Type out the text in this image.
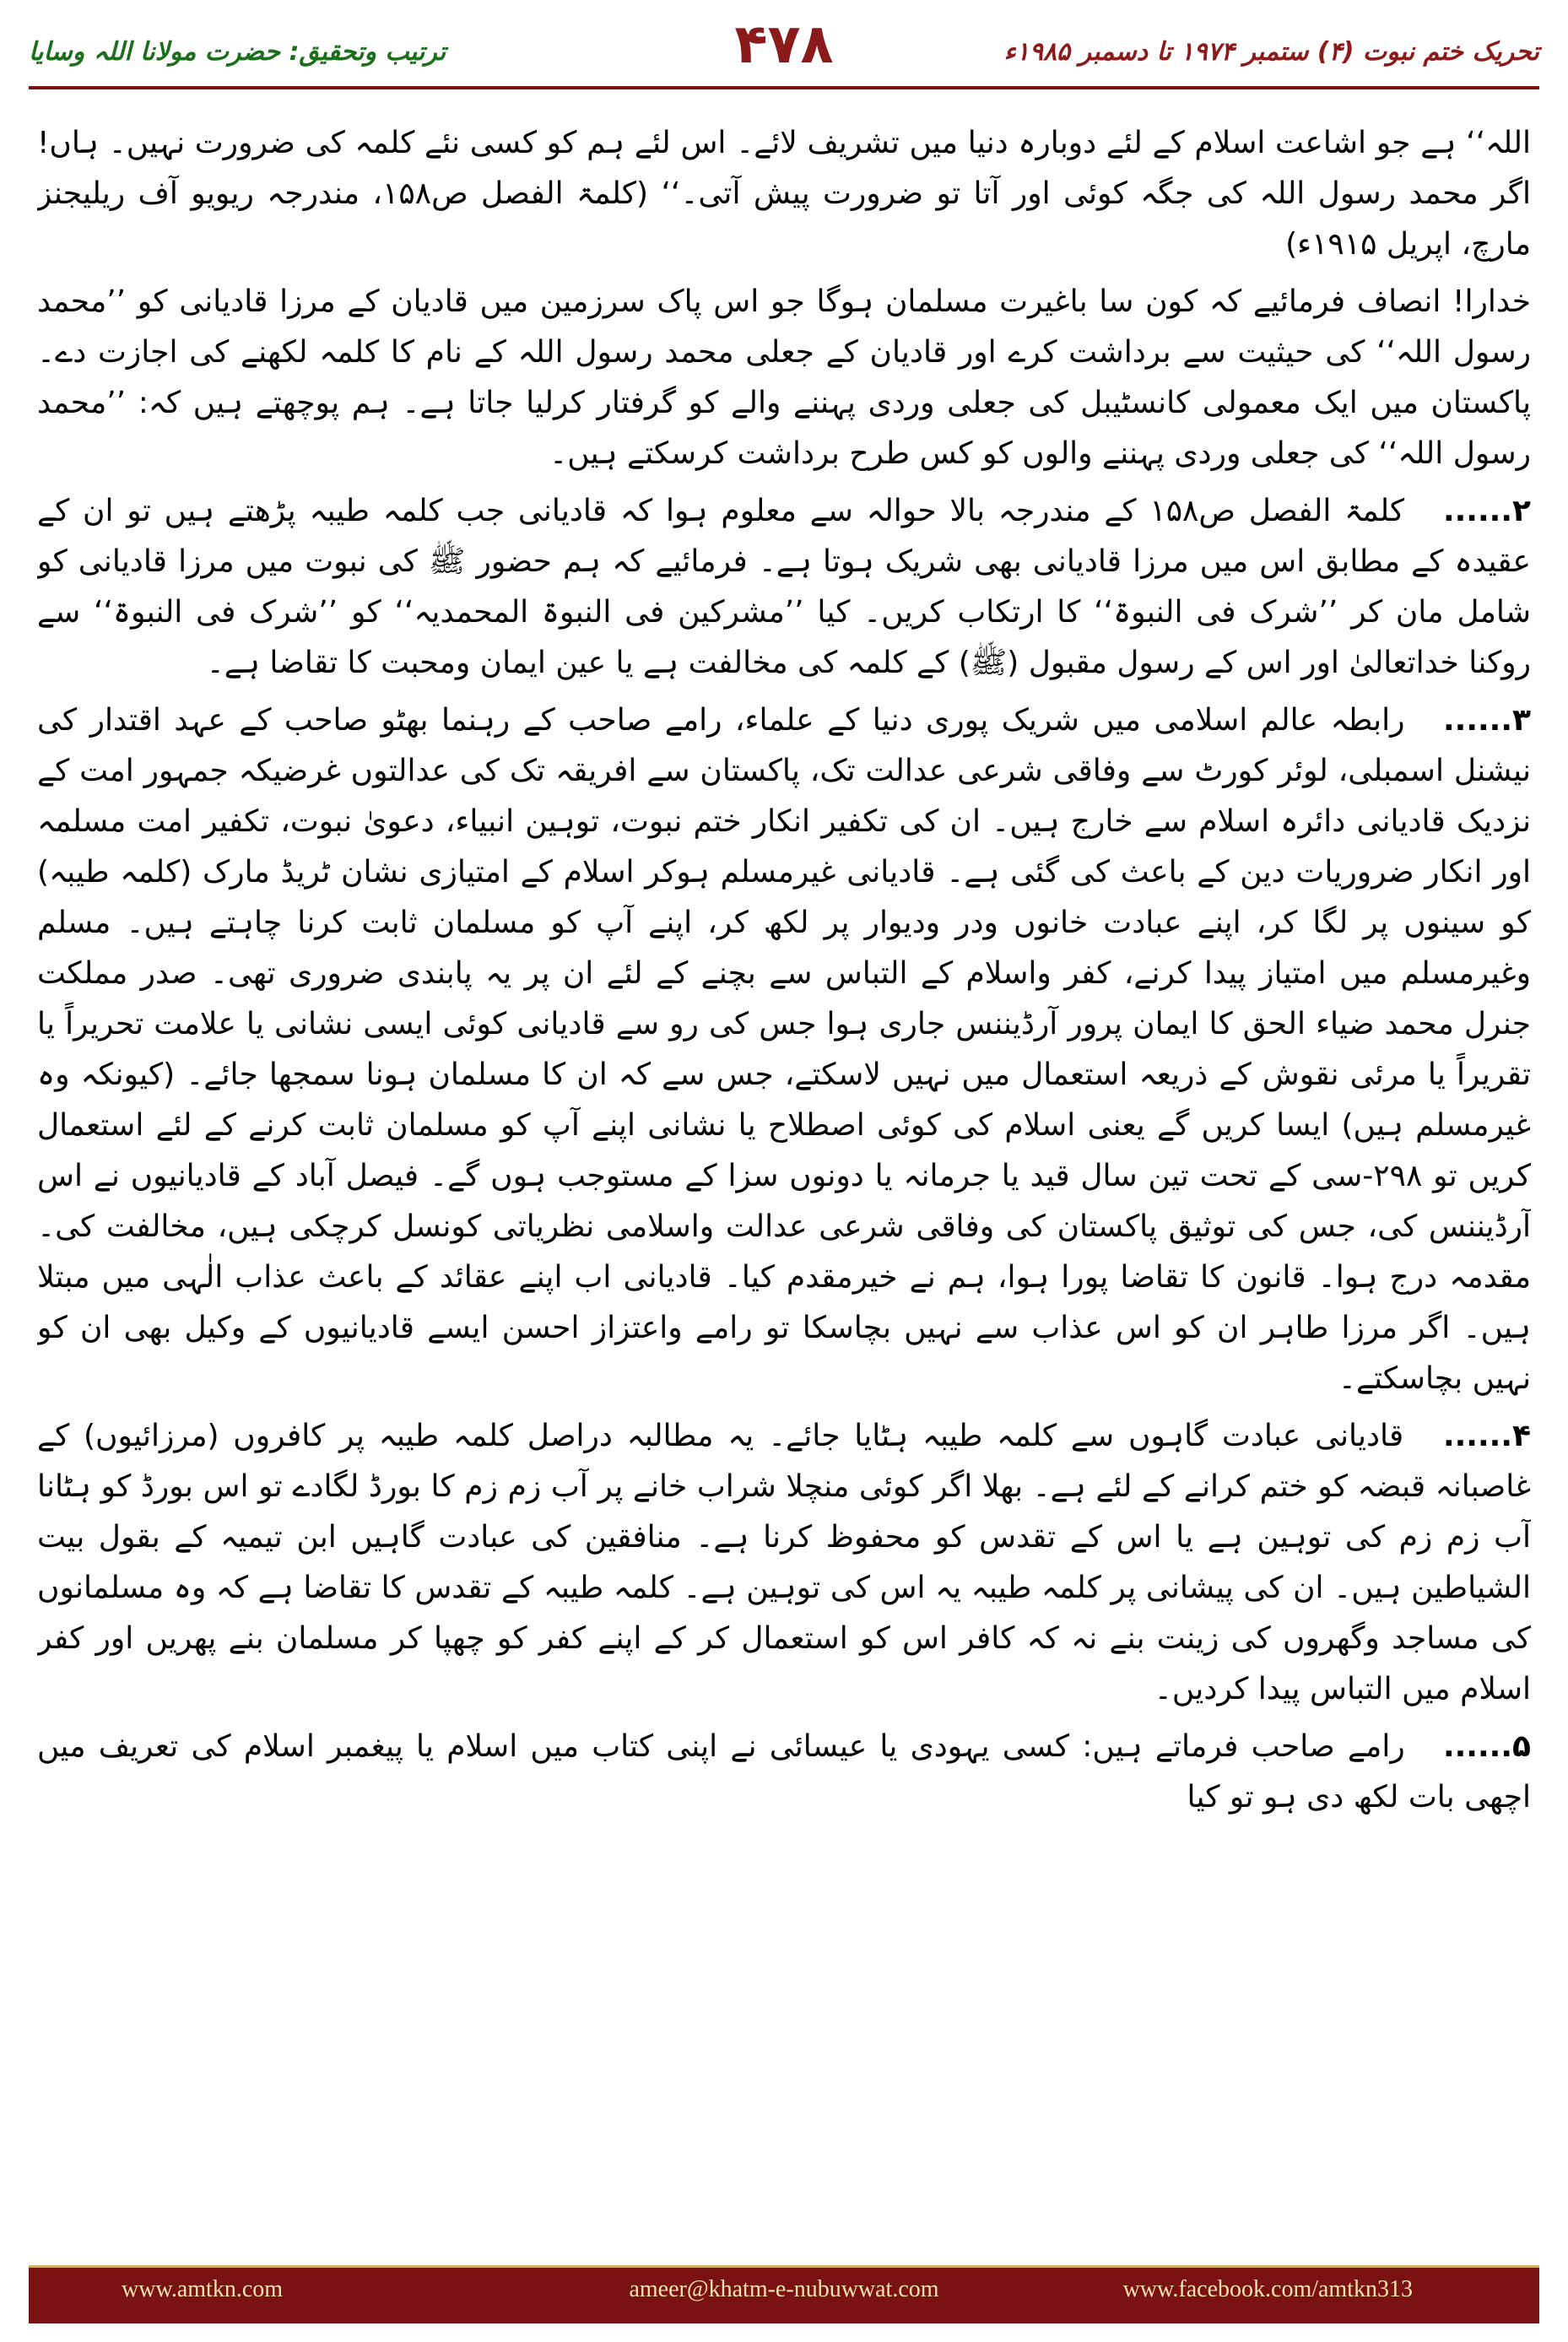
تحریک ختم نبوت (۴) ستمبر ۱۹۷۴ تا دسمبر ۱۹۸۵ء
۴۷۸
ترتیب وتحقیق: حضرت مولانا اللہ وسایا

اللہ‘‘ ہے جو اشاعت اسلام کے لئے دوبارہ دنیا میں تشریف لائے۔ اس لئے ہم کو کسی نئے کلمہ کی ضرورت نہیں۔ ہاں! اگر محمد رسول اللہ کی جگہ کوئی اور آتا تو ضرورت پیش آتی۔‘‘ (کلمۃ الفصل ص۱۵۸، مندرجہ ریویو آف ریلیجنز مارچ، اپریل ۱۹۱۵ء)

خدارا! انصاف فرمائیے کہ کون سا باغیرت مسلمان ہوگا جو اس پاک سرزمین میں قادیان کے مرزا قادیانی کو ’’محمد رسول اللہ‘‘ کی حیثیت سے برداشت کرے اور قادیان کے جعلی محمد رسول اللہ کے نام کا کلمہ لکھنے کی اجازت دے۔ پاکستان میں ایک معمولی کانسٹیبل کی جعلی وردی پہننے والے کو گرفتار کرلیا جاتا ہے۔ ہم پوچھتے ہیں کہ: ’’محمد رسول اللہ‘‘ کی جعلی وردی پہننے والوں کو کس طرح برداشت کرسکتے ہیں۔

۲...... کلمۃ الفصل ص۱۵۸ کے مندرجہ بالا حوالہ سے معلوم ہوا کہ قادیانی جب کلمہ طیبہ پڑھتے ہیں تو ان کے عقیدہ کے مطابق اس میں مرزا قادیانی بھی شریک ہوتا ہے۔ فرمائیے کہ ہم حضور ﷺ کی نبوت میں مرزا قادیانی کو شامل مان کر ’’شرک فی النبوۃ‘‘ کا ارتکاب کریں۔ کیا ’’مشرکین فی النبوۃ المحمدیہ‘‘ کو ’’شرک فی النبوۃ‘‘ سے روکنا خداتعالیٰ اور اس کے رسول مقبول (ﷺ) کے کلمہ کی مخالفت ہے یا عین ایمان ومحبت کا تقاضا ہے۔

۳...... رابطہ عالم اسلامی میں شریک پوری دنیا کے علماء، رامے صاحب کے رہنما بھٹو صاحب کے عہد اقتدار کی نیشنل اسمبلی، لوئر کورٹ سے وفاقی شرعی عدالت تک، پاکستان سے افریقہ تک کی عدالتوں غرضیکہ جمہور امت کے نزدیک قادیانی دائرہ اسلام سے خارج ہیں۔ ان کی تکفیر انکار ختم نبوت، توہین انبیاء، دعویٰ نبوت، تکفیر امت مسلمہ اور انکار ضروریات دین کے باعث کی گئی ہے۔ قادیانی غیرمسلم ہوکر اسلام کے امتیازی نشان ٹریڈ مارک (کلمہ طیبہ) کو سینوں پر لگا کر، اپنے عبادت خانوں ودر ودیوار پر لکھ کر، اپنے آپ کو مسلمان ثابت کرنا چاہتے ہیں۔ مسلم وغیرمسلم میں امتیاز پیدا کرنے، کفر واسلام کے التباس سے بچنے کے لئے ان پر یہ پابندی ضروری تھی۔ صدر مملکت جنرل محمد ضیاء الحق کا ایمان پرور آرڈیننس جاری ہوا جس کی رو سے قادیانی کوئی ایسی نشانی یا علامت تحریراً یا تقریراً یا مرئی نقوش کے ذریعہ استعمال میں نہیں لاسکتے، جس سے کہ ان کا مسلمان ہونا سمجھا جائے۔ (کیونکہ وہ غیرمسلم ہیں) ایسا کریں گے یعنی اسلام کی کوئی اصطلاح یا نشانی اپنے آپ کو مسلمان ثابت کرنے کے لئے استعمال کریں تو ۲۹۸-سی کے تحت تین سال قید یا جرمانہ یا دونوں سزا کے مستوجب ہوں گے۔ فیصل آباد کے قادیانیوں نے اس آرڈیننس کی، جس کی توثیق پاکستان کی وفاقی شرعی عدالت واسلامی نظریاتی کونسل کرچکی ہیں، مخالفت کی۔ مقدمہ درج ہوا۔ قانون کا تقاضا پورا ہوا، ہم نے خیرمقدم کیا۔ قادیانی اب اپنے عقائد کے باعث عذاب الٰہی میں مبتلا ہیں۔ اگر مرزا طاہر ان کو اس عذاب سے نہیں بچاسکا تو رامے واعتزاز احسن ایسے قادیانیوں کے وکیل بھی ان کو نہیں بچاسکتے۔

۴...... قادیانی عبادت گاہوں سے کلمہ طیبہ ہٹایا جائے۔ یہ مطالبہ دراصل کلمہ طیبہ پر کافروں (مرزائیوں) کے غاصبانہ قبضہ کو ختم کرانے کے لئے ہے۔ بھلا اگر کوئی منچلا شراب خانے پر آب زم زم کا بورڈ لگادے تو اس بورڈ کو ہٹانا آب زم زم کی توہین ہے یا اس کے تقدس کو محفوظ کرنا ہے۔ منافقین کی عبادت گاہیں ابن تیمیہ کے بقول بیت الشیاطین ہیں۔ ان کی پیشانی پر کلمہ طیبہ یہ اس کی توہین ہے۔ کلمہ طیبہ کے تقدس کا تقاضا ہے کہ وہ مسلمانوں کی مساجد وگھروں کی زینت بنے نہ کہ کافر اس کو استعمال کر کے اپنے کفر کو چھپا کر مسلمان بنے پھریں اور کفر اسلام میں التباس پیدا کردیں۔

۵...... رامے صاحب فرماتے ہیں: کسی یہودی یا عیسائی نے اپنی کتاب میں اسلام یا پیغمبر اسلام کی تعریف میں اچھی بات لکھ دی ہو تو کیا

www.amtkn.com	ameer@khatm-e-nubuwwat.com	www.facebook.com/amtkn313
